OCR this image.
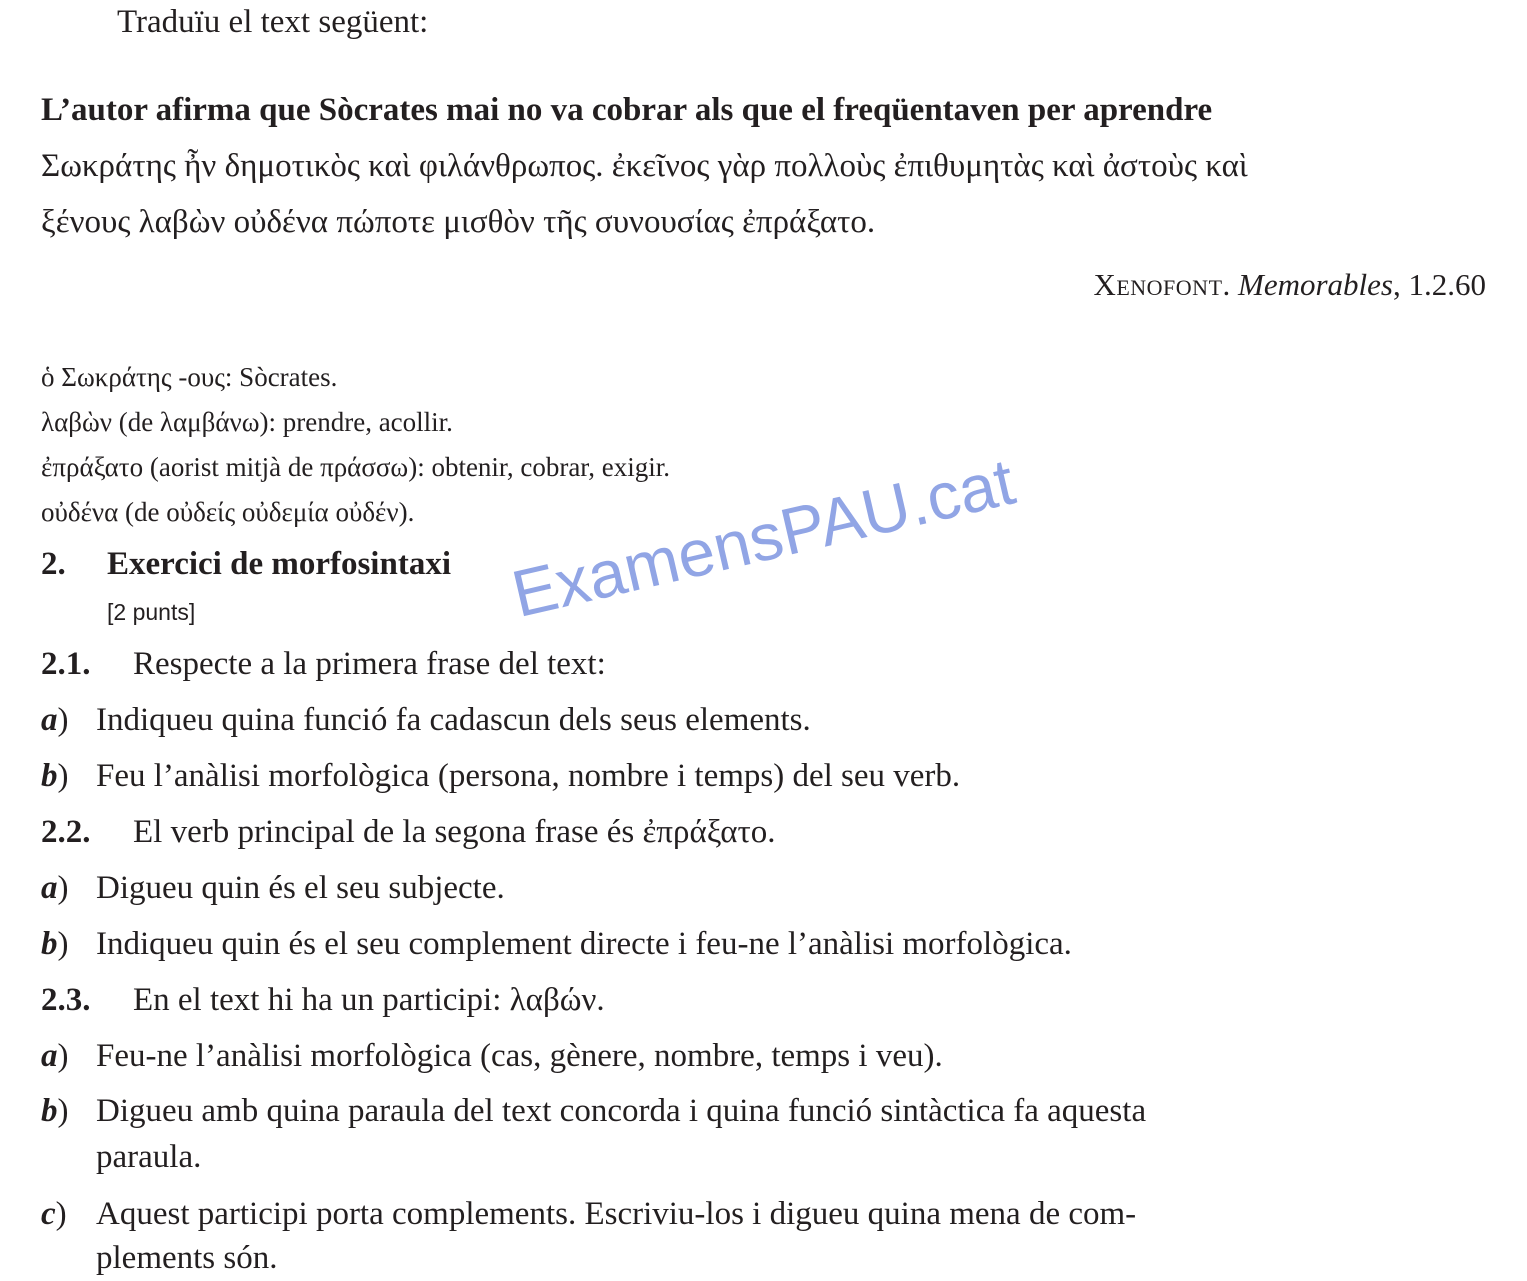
Traduïu el text següent:
L’autor afirma que Sòcrates mai no va cobrar als que el freqüentaven per aprendre
Σωκράτης ἦν δημοτικὸς καὶ φιλάνθρωπος. ἐκεῖνος γὰρ πολλοὺς ἐπιθυμητὰς καὶ ἀστοὺς καὶ
ξένους λαβὼν οὐδένα πώποτε μισθὸν τῆς συνουσίας ἐπράξατο.
Xenofont. Memorables, 1.2.60
ὁ Σωκράτης -ους: Sòcrates.
λαβὼν (de λαμβάνω): prendre, acollir.
ἐπράξατο (aorist mitjà de πράσσω): obtenir, cobrar, exigir.
οὐδένα (de οὐδείς οὐδεμία οὐδέν).
2. Exercici de morfosintaxi
[2 punts]
2.1. Respecte a la primera frase del text:
a) Indiqueu quina funció fa cadascun dels seus elements.
b) Feu l’anàlisi morfològica (persona, nombre i temps) del seu verb.
2.2. El verb principal de la segona frase és ἐπράξατο.
a) Digueu quin és el seu subjecte.
b) Indiqueu quin és el seu complement directe i feu-ne l’anàlisi morfològica.
2.3. En el text hi ha un participi: λαβών.
a) Feu-ne l’anàlisi morfològica (cas, gènere, nombre, temps i veu).
b) Digueu amb quina paraula del text concorda i quina funció sintàctica fa aquesta
paraula.
c) Aquest participi porta complements. Escriviu-los i digueu quina mena de com-
plements són.
ExamensPAU.cat
